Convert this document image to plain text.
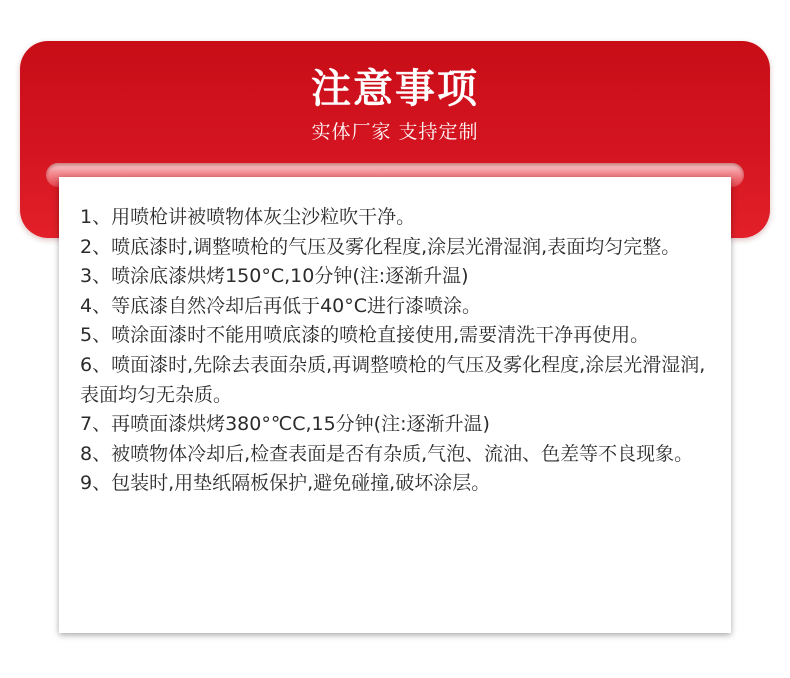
注意事项
实体厂家 支持定制
1、用喷枪讲被喷物体灰尘沙粒吹干净。
2、喷底漆时,调整喷枪的气压及雾化程度,涂层光滑湿润,表面均匀完整。
3、喷涂底漆烘烤150°C,10分钟(注:逐渐升温)
4、等底漆自然冷却后再低于40°C进行漆喷涂。
5、喷涂面漆时不能用喷底漆的喷枪直接使用,需要清洗干净再使用。
6、喷面漆时,先除去表面杂质,再调整喷枪的气压及雾化程度,涂层光滑湿润,表面均匀无杂质。
7、再喷面漆烘烤380°℃C,15分钟(注:逐渐升温)
8、被喷物体冷却后,检查表面是否有杂质,气泡、流油、色差等不良现象。
9、包装时,用垫纸隔板保护,避免碰撞,破坏涂层。
